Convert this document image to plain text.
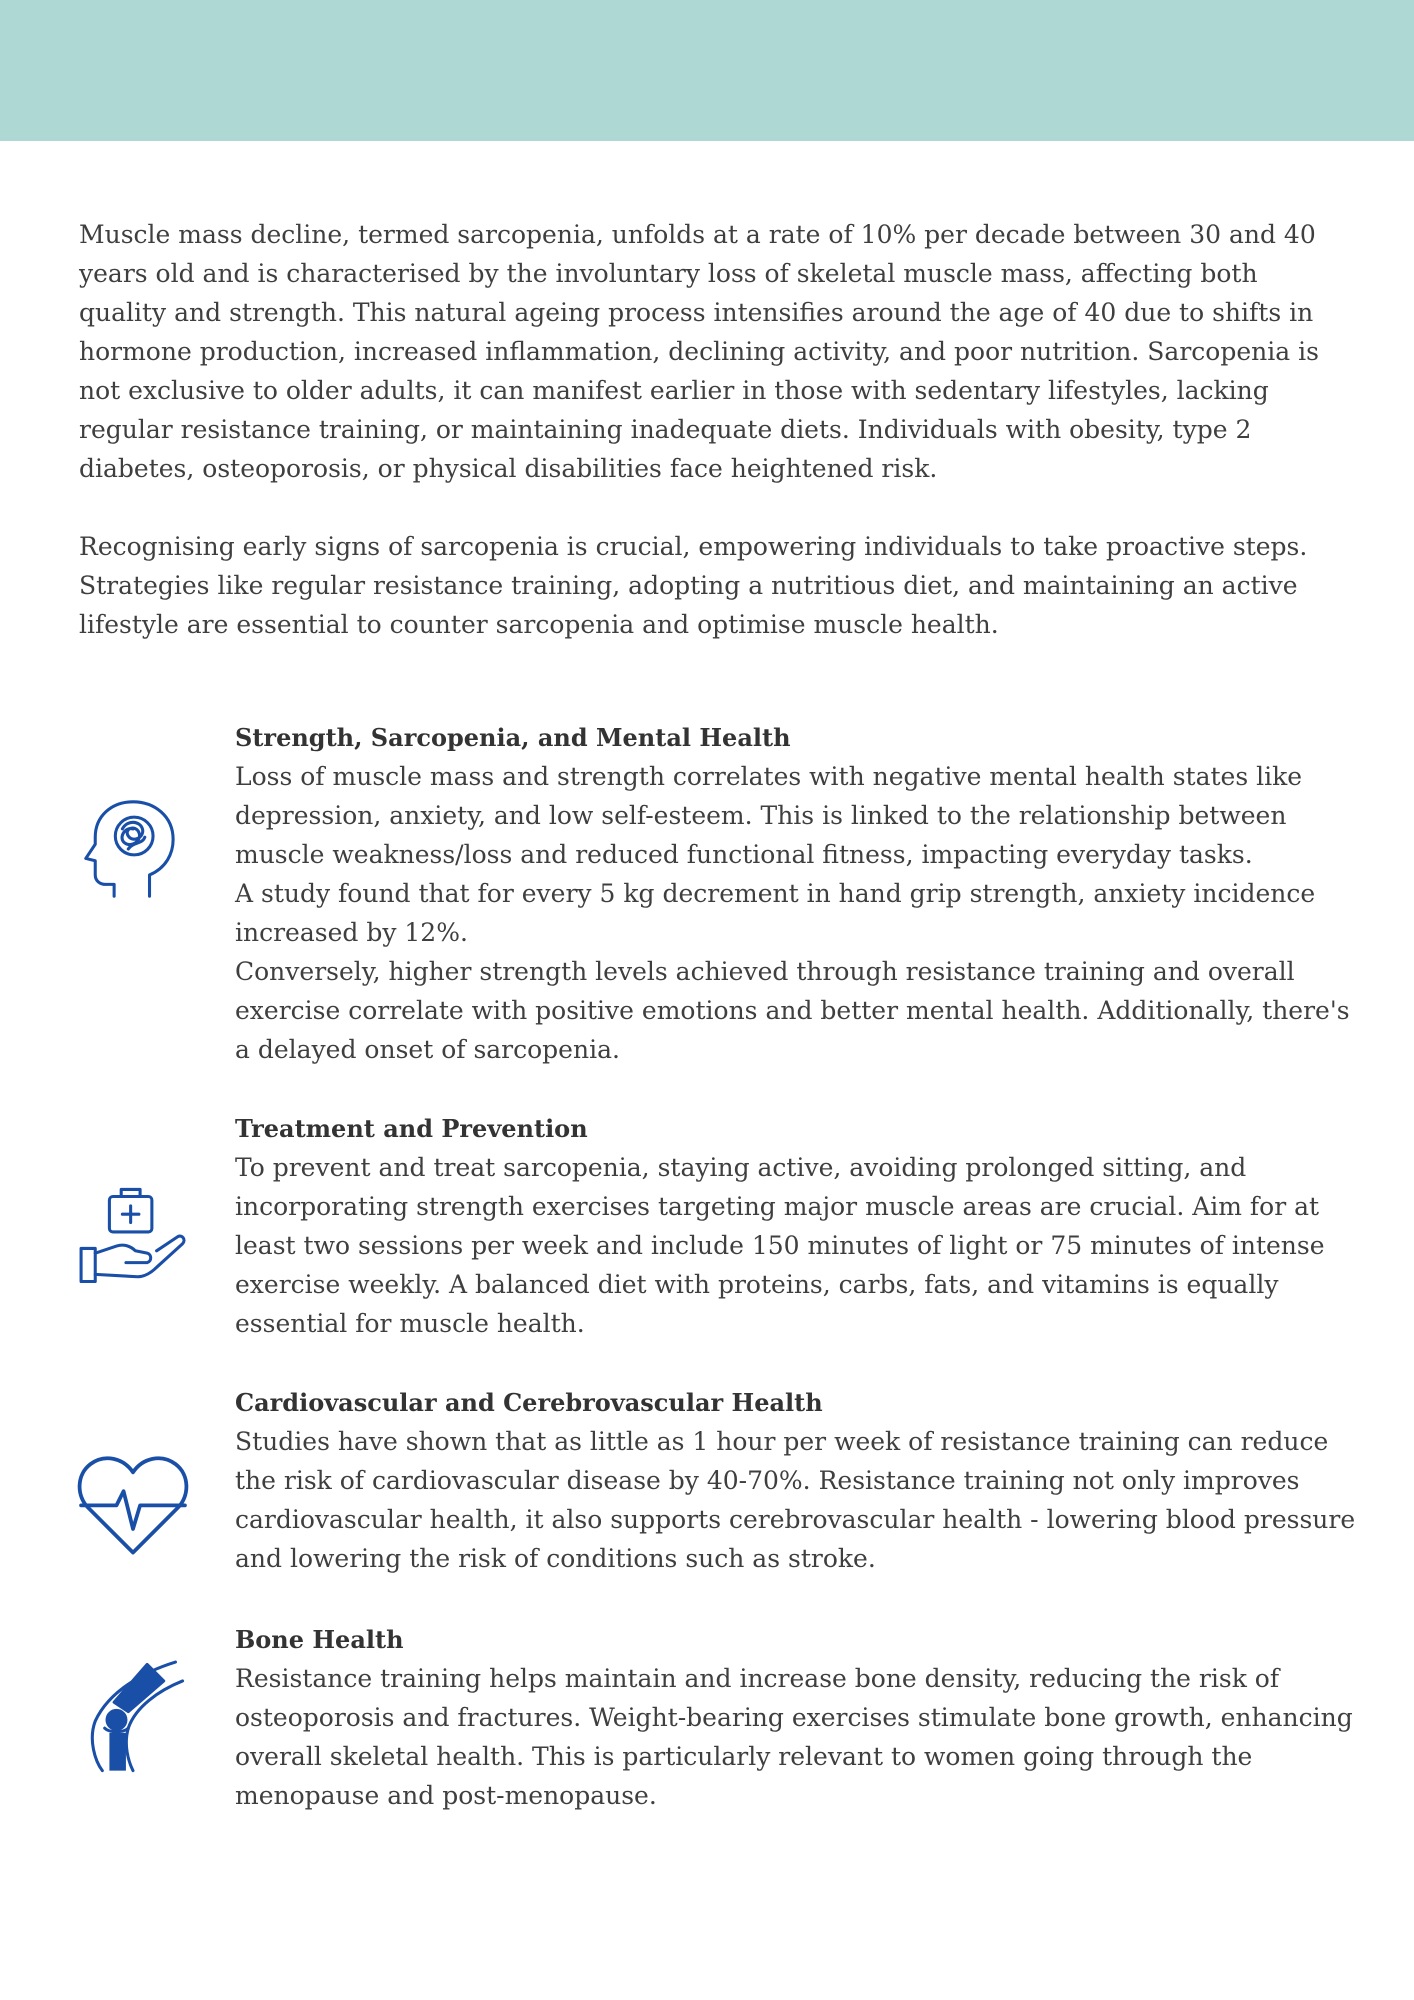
Muscle mass decline, termed sarcopenia, unfolds at a rate of 10% per decade between 30 and 40 years old and is characterised by the involuntary loss of skeletal muscle mass, affecting both quality and strength. This natural ageing process intensifies around the age of 40 due to shifts in hormone production, increased inflammation, declining activity, and poor nutrition. Sarcopenia is not exclusive to older adults, it can manifest earlier in those with sedentary lifestyles, lacking regular resistance training, or maintaining inadequate diets. Individuals with obesity, type 2 diabetes, osteoporosis, or physical disabilities face heightened risk.

Recognising early signs of sarcopenia is crucial, empowering individuals to take proactive steps. Strategies like regular resistance training, adopting a nutritious diet, and maintaining an active lifestyle are essential to counter sarcopenia and optimise muscle health.

Strength, Sarcopenia, and Mental Health

Loss of muscle mass and strength correlates with negative mental health states like depression, anxiety, and low self-esteem. This is linked to the relationship between muscle weakness/loss and reduced functional fitness, impacting everyday tasks.

A study found that for every 5 kg decrement in hand grip strength, anxiety incidence increased by 12%.

Conversely, higher strength levels achieved through resistance training and overall exercise correlate with positive emotions and better mental health. Additionally, there's a delayed onset of sarcopenia.

Treatment and Prevention

To prevent and treat sarcopenia, staying active, avoiding prolonged sitting, and incorporating strength exercises targeting major muscle areas are crucial. Aim for at least two sessions per week and include 150 minutes of light or 75 minutes of intense exercise weekly. A balanced diet with proteins, carbs, fats, and vitamins is equally essential for muscle health.

Cardiovascular and Cerebrovascular Health

Studies have shown that as little as 1 hour per week of resistance training can reduce the risk of cardiovascular disease by 40-70%. Resistance training not only improves cardiovascular health, it also supports cerebrovascular health - lowering blood pressure and lowering the risk of conditions such as stroke.

Bone Health

Resistance training helps maintain and increase bone density, reducing the risk of osteoporosis and fractures. Weight-bearing exercises stimulate bone growth, enhancing overall skeletal health. This is particularly relevant to women going through the menopause and post-menopause.
